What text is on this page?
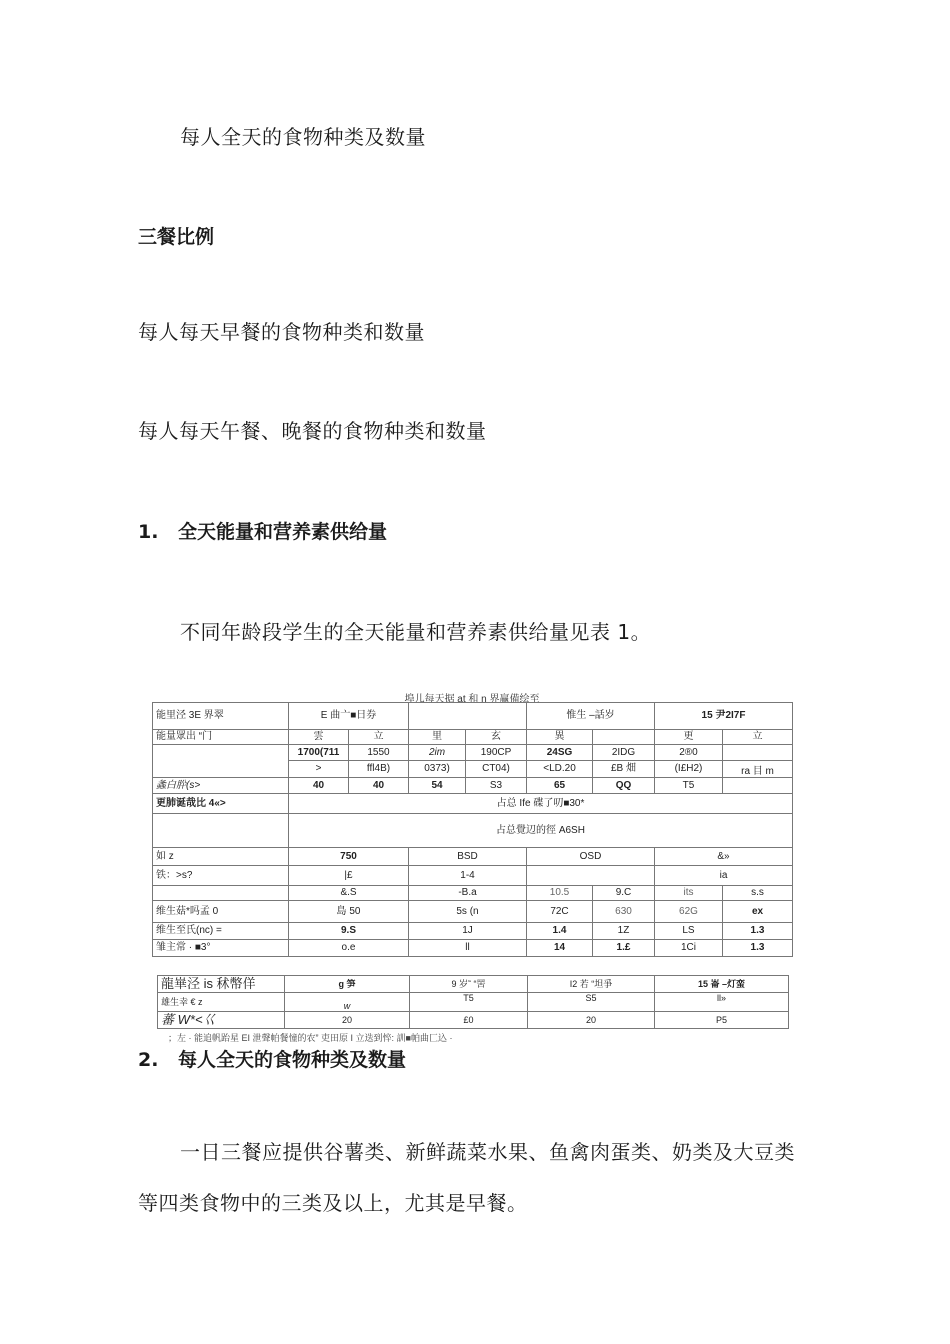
每人全天的食物种类及数量
三餐比例
每人每天早餐的食物种类和数量
每人每天午餐、晚餐的食物种类和数量
1. 全天能量和营养素供给量
不同年龄段学生的全天能量和营养素供给量见表 1。
埠儿每天据 at 和 n 界赢備绘至
能里泾 3E 界翠	E 曲亠■日券				惟生 –話岁		15 尹2I7F	
能量眾出 “门	雲	立	里	玄	異		更	立
	1700(711	1550	2im	190CP	24SG	2IDG	2®0	
	>	ffl4B)	0373)	CT04)	<LD.20	£B 畑	(I£H2)	ra 目 m
螽白肸(s>	40	40	54	S3	65	QQ	T5	
更肺诞哉比 4«>	占总 Ife 碟了叨■30*							
	占总覺辺的徑 A6SH							
如 z	750		BSD		OSD		&»	
铁：>s?	|£		1-4				ia	
	&.S		-B.a		10.5	9.C	its	s.s
维生菇*吗孟 0	島 50		5s (n		72C	630	62G	ex
维生至氏(nc) =	9.S		1J		1.4	1Z	LS	1.3
雏主常 · ■3°	o.e		ll		14	1.£	1Ci	1.3
龍崋泾 is 秫幣佯	g 笋	9 岁˜ “罟	I2 若 “坦爭	15 崙 –灯蛮
雄生幸 € z	w	T5	S5	ll»
蕃 W*<巜	20	£0	20	P5
；左 · 能追帆跆星 EI 泄聲帕餐憧的农” 吏田原 I 立迭到悴: 訓■帕曲匚込 ·
2. 每人全天的食物种类及数量
一日三餐应提供谷薯类、新鲜蔬菜水果、鱼禽肉蛋类、奶类及大豆类
等四类食物中的三类及以上，尤其是早餐。
